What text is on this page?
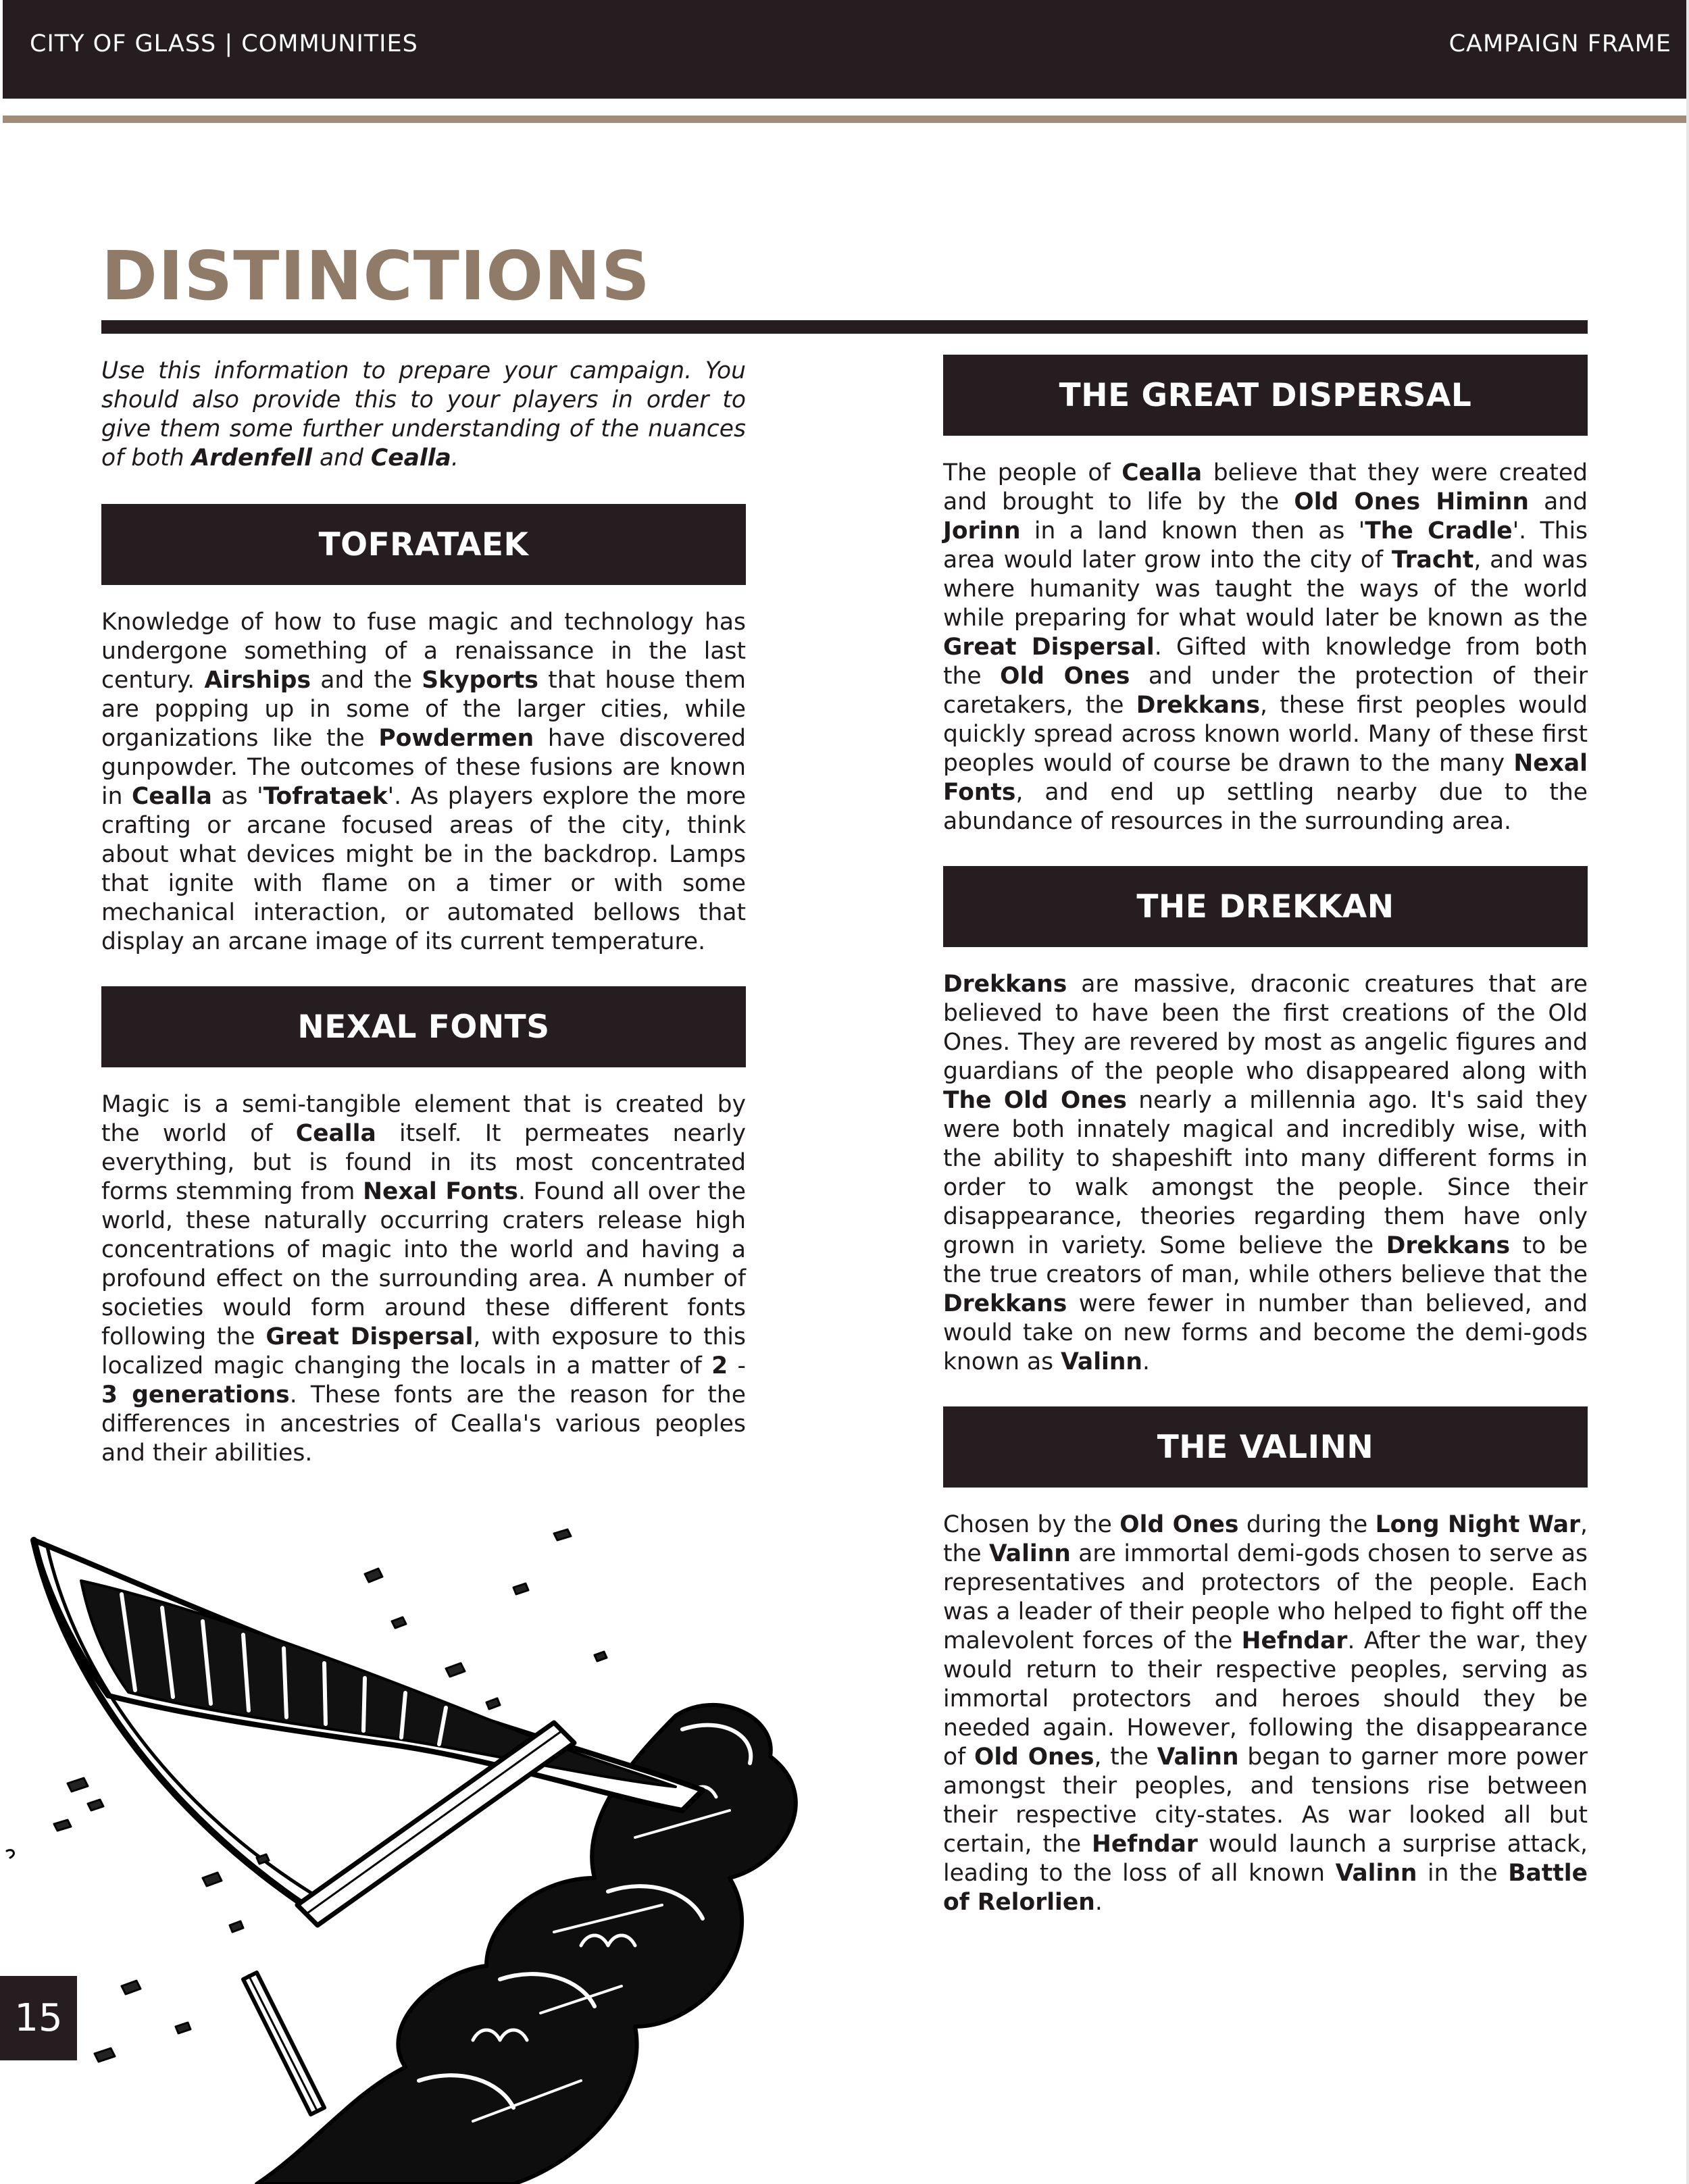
CITY OF GLASS | COMMUNITIES	CAMPAIGN FRAME
DISTINCTIONS

Use this information to prepare your campaign. You should also provide this to your players in order to give them some further understanding of the nuances of both Ardenfell and Cealla.

TOFRATAEK

Knowledge of how to fuse magic and technology has undergone something of a renaissance in the last century. Airships and the Skyports that house them are popping up in some of the larger cities, while organizations like the Powdermen have discovered gunpowder. The outcomes of these fusions are known in Cealla as 'Tofrataek'. As players explore the more crafting or arcane focused areas of the city, think about what devices might be in the backdrop. Lamps that ignite with flame on a timer or with some mechanical interaction, or automated bellows that display an arcane image of its current temperature.

NEXAL FONTS

Magic is a semi-tangible element that is created by the world of Cealla itself. It permeates nearly everything, but is found in its most concentrated forms stemming from Nexal Fonts. Found all over the world, these naturally occurring craters release high concentrations of magic into the world and having a profound effect on the surrounding area. A number of societies would form around these different fonts following the Great Dispersal, with exposure to this localized magic changing the locals in a matter of 2 - 3 generations. These fonts are the reason for the differences in ancestries of Cealla's various peoples and their abilities.

THE GREAT DISPERSAL

The people of Cealla believe that they were created and brought to life by the Old Ones Himinn and Jorinn in a land known then as 'The Cradle'. This area would later grow into the city of Tracht, and was where humanity was taught the ways of the world while preparing for what would later be known as the Great Dispersal. Gifted with knowledge from both the Old Ones and under the protection of their caretakers, the Drekkans, these first peoples would quickly spread across known world. Many of these first peoples would of course be drawn to the many Nexal Fonts, and end up settling nearby due to the abundance of resources in the surrounding area.

THE DREKKAN

Drekkans are massive, draconic creatures that are believed to have been the first creations of the Old Ones. They are revered by most as angelic figures and guardians of the people who disappeared along with The Old Ones nearly a millennia ago. It's said they were both innately magical and incredibly wise, with the ability to shapeshift into many different forms in order to walk amongst the people. Since their disappearance, theories regarding them have only grown in variety. Some believe the Drekkans to be the true creators of man, while others believe that the Drekkans were fewer in number than believed, and would take on new forms and become the demi-gods known as Valinn.

THE VALINN

Chosen by the Old Ones during the Long Night War, the Valinn are immortal demi-gods chosen to serve as representatives and protectors of the people. Each was a leader of their people who helped to fight off the malevolent forces of the Hefndar. After the war, they would return to their respective peoples, serving as immortal protectors and heroes should they be needed again. However, following the disappearance of Old Ones, the Valinn began to garner more power amongst their peoples, and tensions rise between their respective city-states. As war looked all but certain, the Hefndar would launch a surprise attack, leading to the loss of all known Valinn in the Battle of Relorlien.

15
